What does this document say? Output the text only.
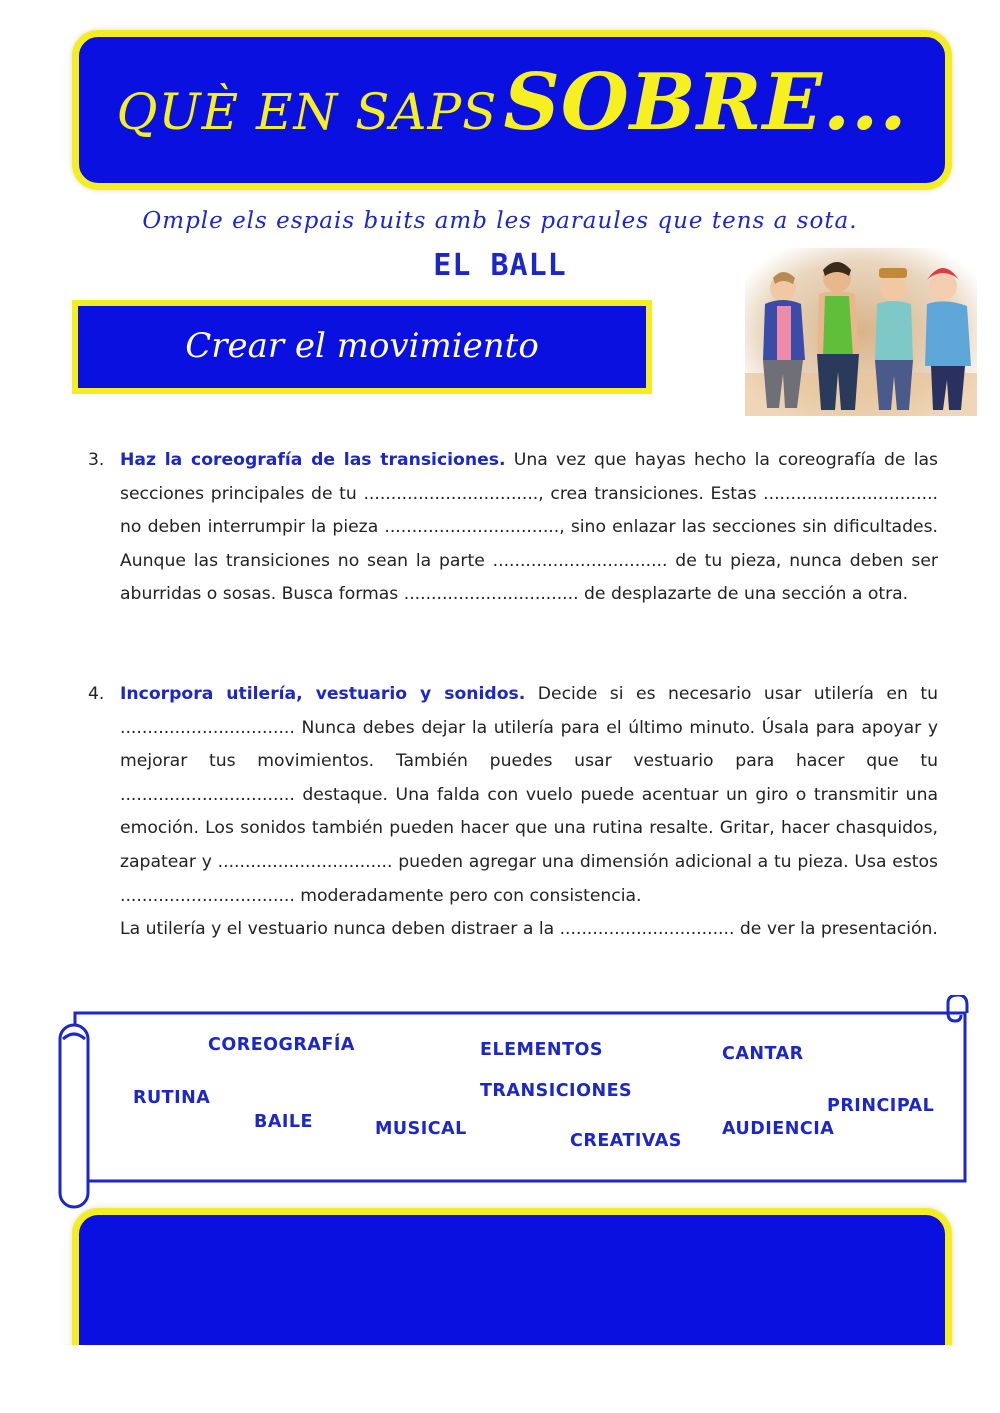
QUÈ EN SAPS SOBRE...
Omple els espais buits amb les paraules que tens a sota.
EL BALL
Crear el movimiento
3. Haz la coreografía de las transiciones. Una vez que hayas hecho la coreografía de las secciones principales de tu ................................, crea transiciones. Estas ................................ no deben interrumpir la pieza ................................, sino enlazar las secciones sin dificultades. Aunque las transiciones no sean la parte ................................ de tu pieza, nunca deben ser aburridas o sosas. Busca formas ................................ de desplazarte de una sección a otra.
4. Incorpora utilería, vestuario y sonidos. Decide si es necesario usar utilería en tu ................................ Nunca debes dejar la utilería para el último minuto. Úsala para apoyar y mejorar tus movimientos. También puedes usar vestuario para hacer que tu ................................ destaque. Una falda con vuelo puede acentuar un giro o transmitir una emoción. Los sonidos también pueden hacer que una rutina resalte. Gritar, hacer chasquidos, zapatear y ................................ pueden agregar una dimensión adicional a tu pieza. Usa estos ................................ moderadamente pero con consistencia.
La utilería y el vestuario nunca deben distraer a la ................................ de ver la presentación.
COREOGRAFÍA	ELEMENTOS	CANTAR
RUTINA	TRANSICIONES
PRINCIPAL
BAILE	MUSICAL	AUDIENCIA
CREATIVAS
